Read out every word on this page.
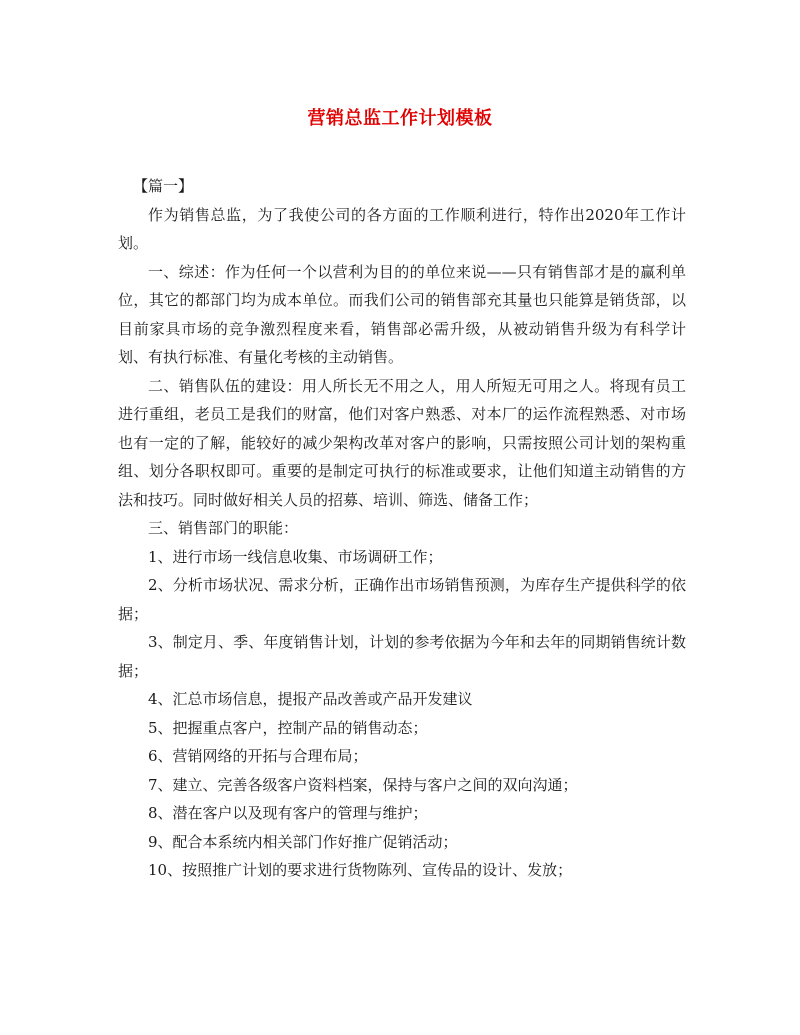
营销总监工作计划模板

【篇一】

作为销售总监，为了我使公司的各方面的工作顺利进行，特作出2020年工作计划。

一、综述：作为任何一个以营利为目的的单位来说——只有销售部才是的赢利单位，其它的都部门均为成本单位。而我们公司的销售部充其量也只能算是销货部，以目前家具市场的竞争激烈程度来看，销售部必需升级，从被动销售升级为有科学计划、有执行标准、有量化考核的主动销售。

二、销售队伍的建设：用人所长无不用之人，用人所短无可用之人。将现有员工进行重组，老员工是我们的财富，他们对客户熟悉、对本厂的运作流程熟悉、对市场也有一定的了解，能较好的减少架构改革对客户的影响，只需按照公司计划的架构重组、划分各职权即可。重要的是制定可执行的标准或要求，让他们知道主动销售的方法和技巧。同时做好相关人员的招募、培训、筛选、储备工作；

三、销售部门的职能：

1、进行市场一线信息收集、市场调研工作；

2、分析市场状况、需求分析，正确作出市场销售预测，为库存生产提供科学的依据；

3、制定月、季、年度销售计划，计划的参考依据为今年和去年的同期销售统计数据；

4、汇总市场信息，提报产品改善或产品开发建议

5、把握重点客户，控制产品的销售动态；

6、营销网络的开拓与合理布局；

7、建立、完善各级客户资料档案，保持与客户之间的双向沟通；

8、潜在客户以及现有客户的管理与维护；

9、配合本系统内相关部门作好推广促销活动；

10、按照推广计划的要求进行货物陈列、宣传品的设计、发放；
